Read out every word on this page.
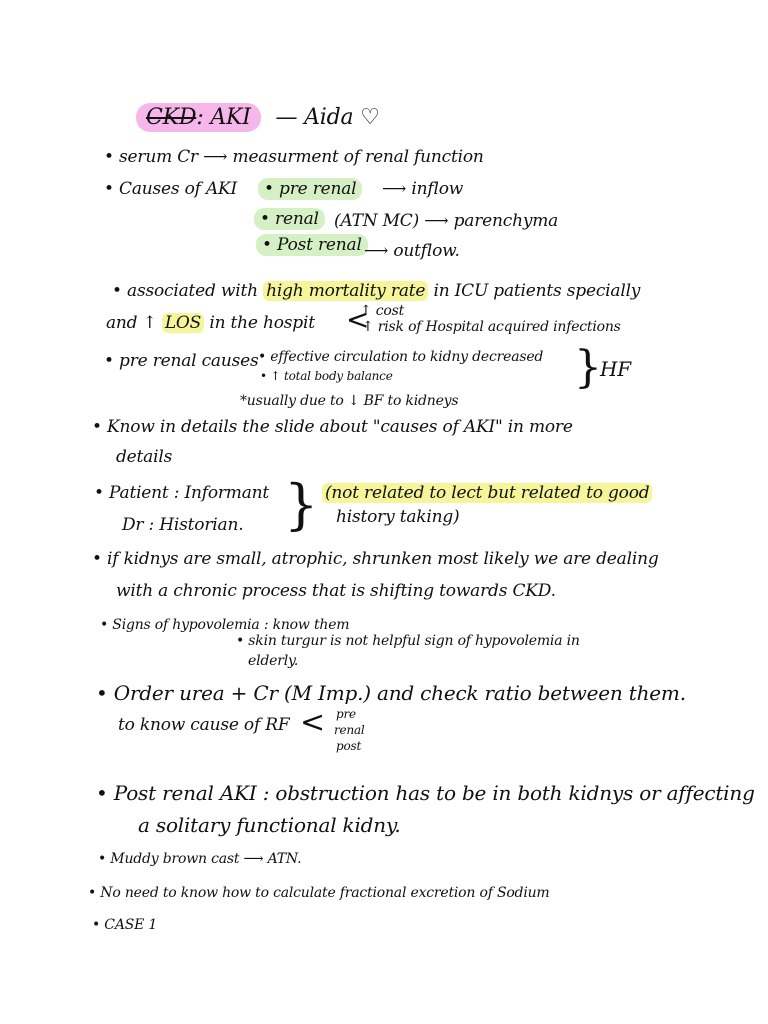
CKD: AKI — Aida ♡
• serum Cr ⟶ measurment of renal function
• Causes of AKI	• pre renal	⟶ inflow
• renal (ATN MC) ⟶ parenchyma
• Post renal ⟶ outflow.
• associated with high mortality rate in ICU patients specially
↑ cost
and ↑ LOS in the hospit <
↑ risk of Hospital acquired infections
• pre renal causes • effective circulation to kidny decreased }
HF
• ↑ total body balance
*usually due to ↓ BF to kidneys
• Know in details the slide about "causes of AKI" in more
details
• Patient : Informant } (not related to lect but related to good
Dr : Historian.	history taking)
• if kidnys are small, atrophic, shrunken most likely we are dealing
with a chronic process that is shifting towards CKD.
• Signs of hypovolemia : know them
• skin turgur is not helpful sign of hypovolemia in
elderly.
• Order urea + Cr (M Imp.) and check ratio between them.
to know cause of RF < pre
renal
post
• Post renal AKI : obstruction has to be in both kidnys or affecting
a solitary functional kidny.
• Muddy brown cast ⟶ ATN.
• No need to know how to calculate fractional excretion of Sodium
• CASE 1
